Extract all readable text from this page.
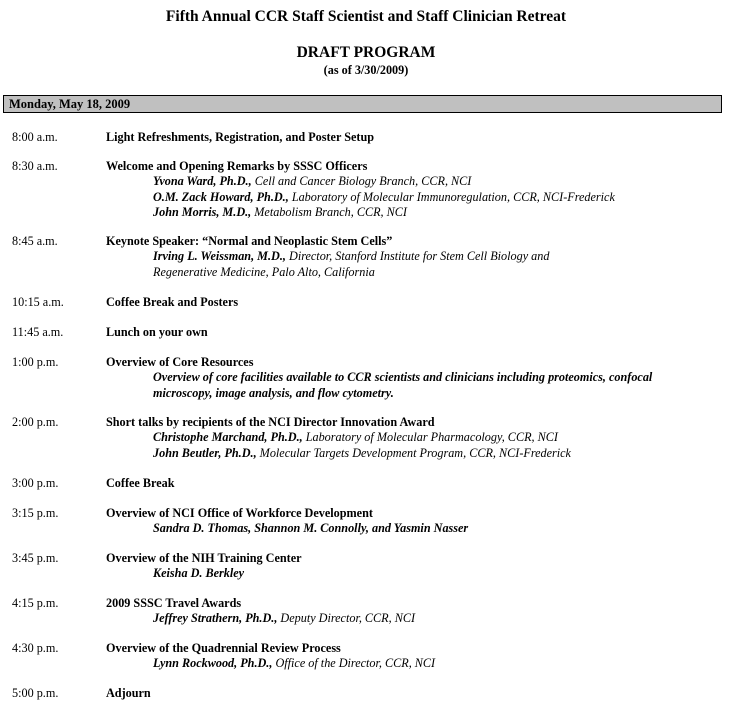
Fifth Annual CCR Staff Scientist and Staff Clinician Retreat
DRAFT PROGRAM
(as of 3/30/2009)
Monday, May 18, 2009
8:00 a.m.	Light Refreshments, Registration, and Poster Setup
8:30 a.m.	Welcome and Opening Remarks by SSSC Officers
Yvona Ward, Ph.D., Cell and Cancer Biology Branch, CCR, NCI
O.M. Zack Howard, Ph.D., Laboratory of Molecular Immunoregulation, CCR, NCI-Frederick
John Morris, M.D., Metabolism Branch, CCR, NCI
8:45 a.m.	Keynote Speaker: “Normal and Neoplastic Stem Cells”
Irving L. Weissman, M.D., Director, Stanford Institute for Stem Cell Biology and
Regenerative Medicine, Palo Alto, California
10:15 a.m.	Coffee Break and Posters
11:45 a.m.	Lunch on your own
1:00 p.m.	Overview of Core Resources
Overview of core facilities available to CCR scientists and clinicians including proteomics, confocal
microscopy, image analysis, and flow cytometry.
2:00 p.m.	Short talks by recipients of the NCI Director Innovation Award
Christophe Marchand, Ph.D., Laboratory of Molecular Pharmacology, CCR, NCI
John Beutler, Ph.D., Molecular Targets Development Program, CCR, NCI-Frederick
3:00 p.m.	Coffee Break
3:15 p.m.	Overview of NCI Office of Workforce Development
Sandra D. Thomas, Shannon M. Connolly, and Yasmin Nasser
3:45 p.m.	Overview of the NIH Training Center
Keisha D. Berkley
4:15 p.m.	2009 SSSC Travel Awards
Jeffrey Strathern, Ph.D., Deputy Director, CCR, NCI
4:30 p.m.	Overview of the Quadrennial Review Process
Lynn Rockwood, Ph.D., Office of the Director, CCR, NCI
5:00 p.m.	Adjourn
